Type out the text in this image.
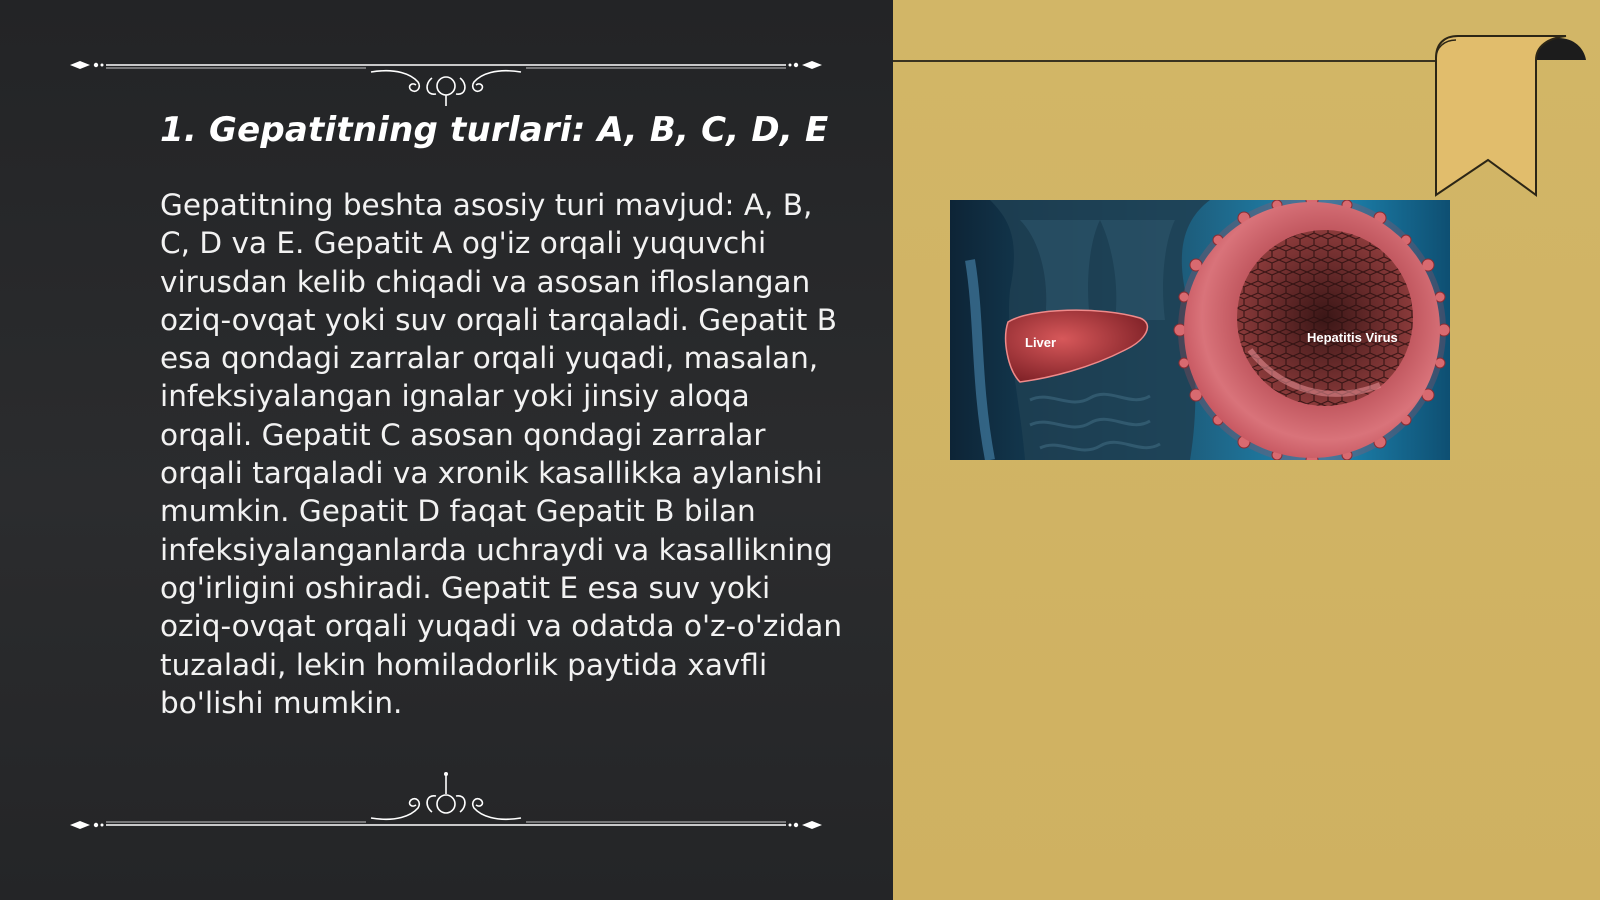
1. Gepatitning turlari: A, B, C, D, E

Gepatitning beshta asosiy turi mavjud: A, B, C, D va E. Gepatit A og'iz orqali yuquvchi virusdan kelib chiqadi va asosan ifloslangan oziq-ovqat yoki suv orqali tarqaladi. Gepatit B esa qondagi zarralar orqali yuqadi, masalan, infeksiyalangan ignalar yoki jinsiy aloqa orqali. Gepatit C asosan qondagi zarralar orqali tarqaladi va xronik kasallikka aylanishi mumkin. Gepatit D faqat Gepatit B bilan infeksiyalanganlarda uchraydi va kasallikning og'irligini oshiradi. Gepatit E esa suv yoki oziq-ovqat orqali yuqadi va odatda o'z-o'zidan tuzaladi, lekin homiladorlik paytida xavfli bo'lishi mumkin.

Liver	Hepatitis Virus
